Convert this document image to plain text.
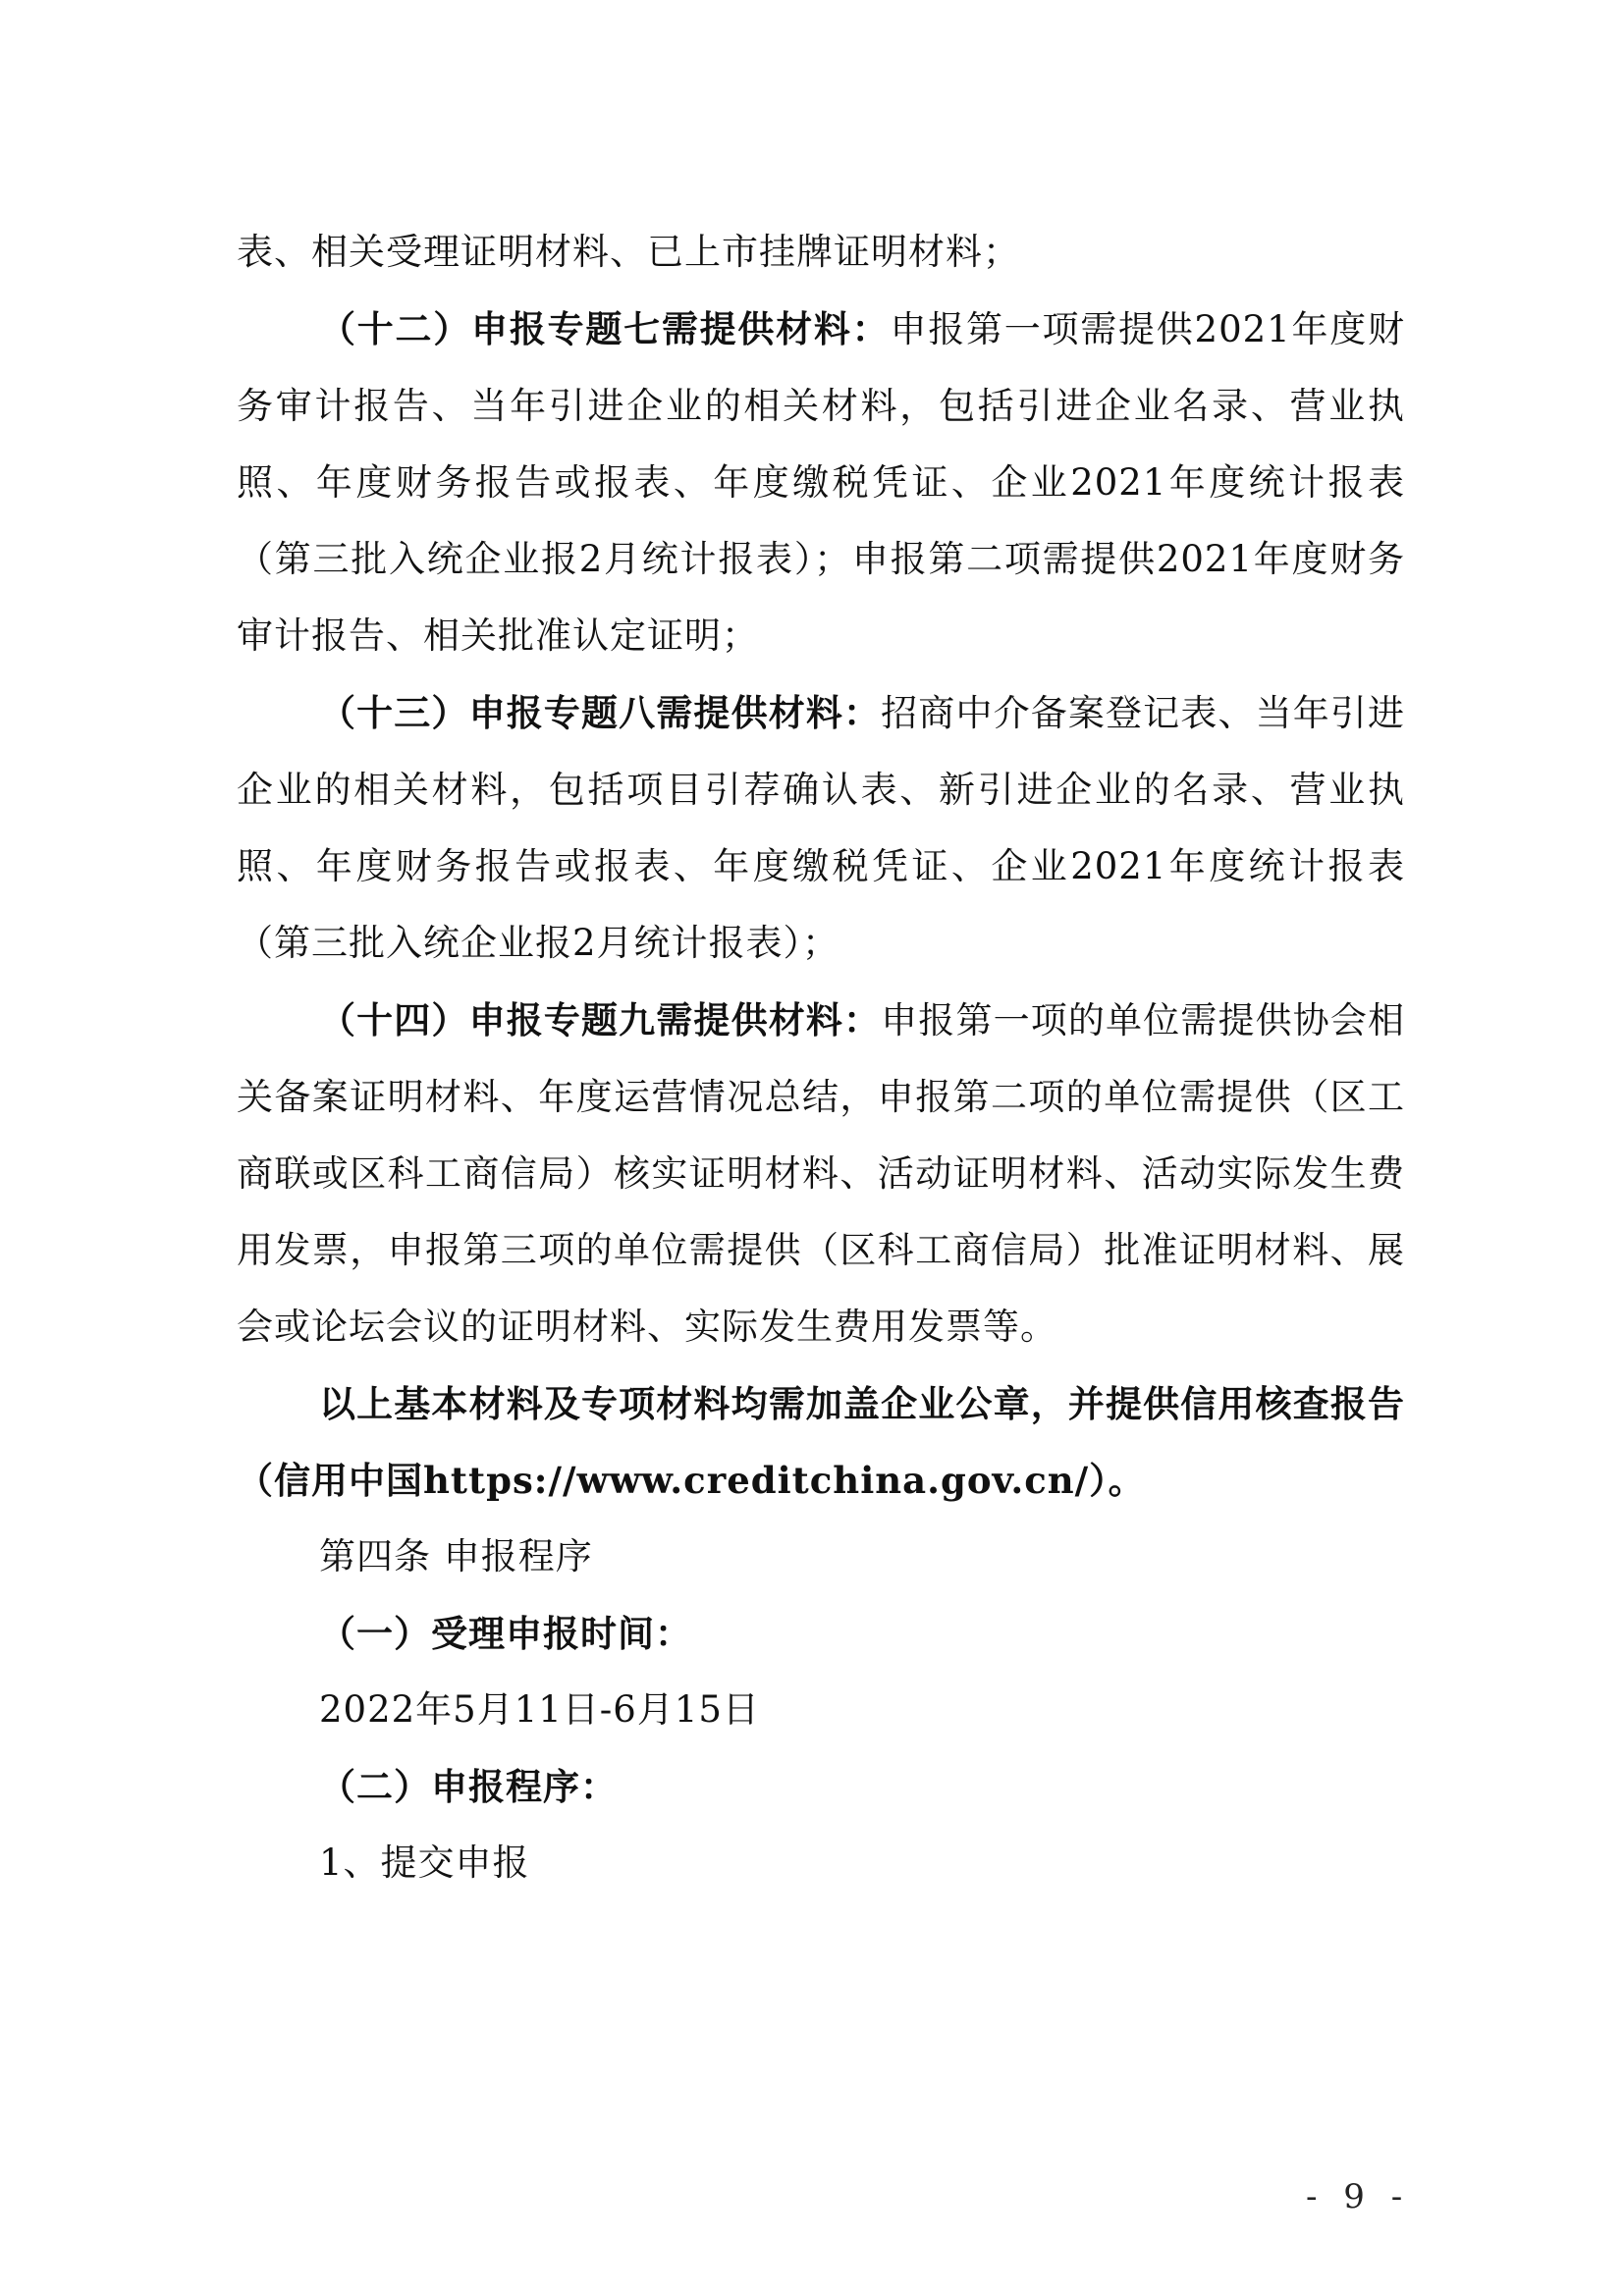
表、相关受理证明材料、已上市挂牌证明材料；

（十二）申报专题七需提供材料：申报第一项需提供2021年度财务审计报告、当年引进企业的相关材料，包括引进企业名录、营业执照、年度财务报告或报表、年度缴税凭证、企业2021年度统计报表（第三批入统企业报2月统计报表）；申报第二项需提供2021年度财务审计报告、相关批准认定证明；

（十三）申报专题八需提供材料：招商中介备案登记表、当年引进企业的相关材料，包括项目引荐确认表、新引进企业的名录、营业执照、年度财务报告或报表、年度缴税凭证、企业2021年度统计报表（第三批入统企业报2月统计报表）；

（十四）申报专题九需提供材料：申报第一项的单位需提供协会相关备案证明材料、年度运营情况总结，申报第二项的单位需提供（区工商联或区科工商信局）核实证明材料、活动证明材料、活动实际发生费用发票，申报第三项的单位需提供（区科工商信局）批准证明材料、展会或论坛会议的证明材料、实际发生费用发票等。

以上基本材料及专项材料均需加盖企业公章，并提供信用核查报告（信用中国https://www.creditchina.gov.cn/）。

第四条 申报程序

（一）受理申报时间：

2022年5月11日-6月15日

（二）申报程序：

1、提交申报

- 9 -
